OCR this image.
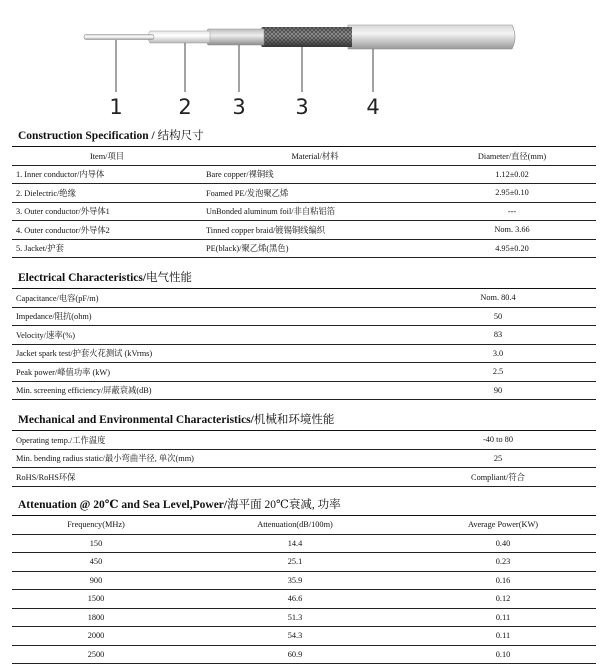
1	2 3 3	4
Construction Specification / 结构尺寸
Item/项目	Material/材料	Diameter/直径(mm)
1. Inner conductor/内导体	Bare copper/裸铜线	1.12±0.02
2. Dielectric/绝缘	Foamed PE/发泡聚乙烯	2.95±0.10
3. Outer conductor/外导体1	UnBonded aluminum foil/非自粘铝箔	---
4. Outer conductor/外导体2	Tinned copper braid/镀锡铜线编织	Nom. 3.66
5. Jacket/护套	PE(black)/聚乙烯(黑色)	4.95±0.20
Electrical Characteristics/电气性能
Capacitance/电容(pF/m)		Nom. 80.4
Impedance/阻抗(ohm)		50
Velocity/速率(%)		83
Jacket spark test/护套火花测试 (kVrms)		3.0
Peak power/峰值功率 (kW)		2.5
Min. screening efficiency/屏蔽衰减(dB)		90
Mechanical and Environmental Characteristics/机械和环境性能
Operating temp./工作温度		-40 to 80
Min. bending radius static/最小弯曲半径, 单次(mm)		25
RoHS/RoHS环保		Compliant/符合
Attenuation @ 20℃ and Sea Level,Power/海平面 20℃衰减, 功率
Frequency(MHz)	Attenuation(dB/100m)	Average Power(KW)
150	14.4	0.40
450	25.1	0.23
900	35.9	0.16
1500	46.6	0.12
1800	51.3	0.11
2000	54.3	0.11
2500	60.9	0.10
